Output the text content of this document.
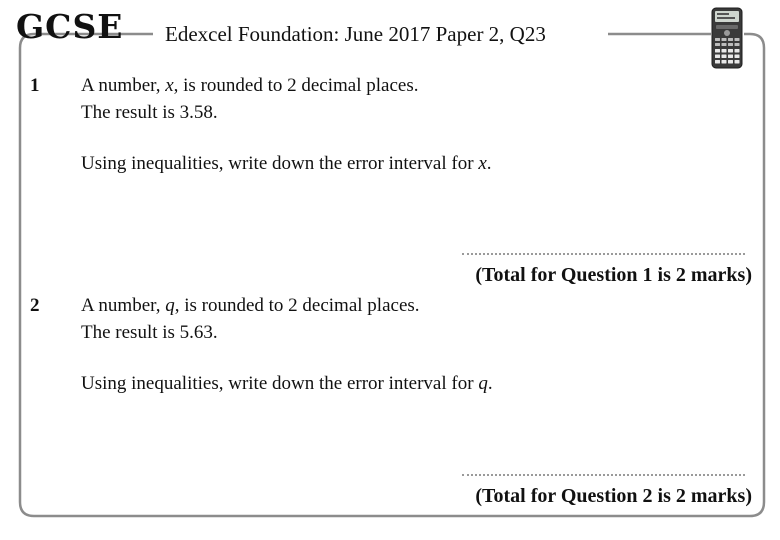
GCSE Edexcel Foundation: June 2017 Paper 2, Q23
1 A number, x, is rounded to 2 decimal places.
The result is 3.58.
Using inequalities, write down the error interval for x.
(Total for Question 1 is 2 marks)
2 A number, q, is rounded to 2 decimal places.
The result is 5.63.
Using inequalities, write down the error interval for q.
(Total for Question 2 is 2 marks)
